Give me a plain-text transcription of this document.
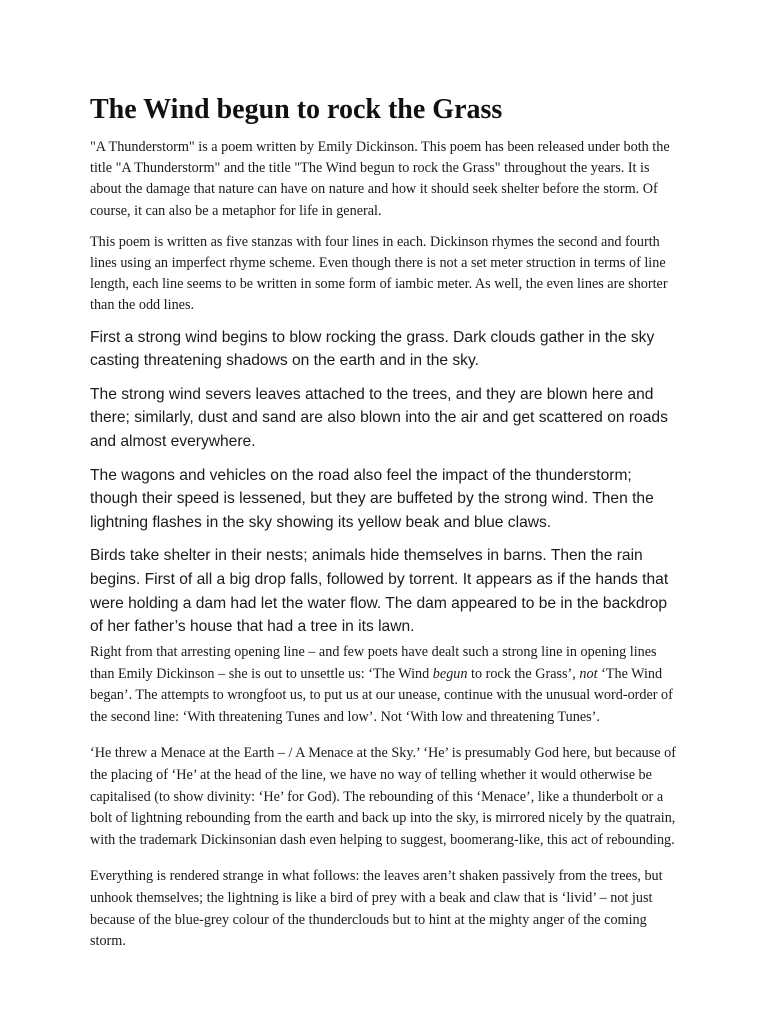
The Wind begun to rock the Grass

"A Thunderstorm" is a poem written by Emily Dickinson. This poem has been released under both the title "A Thunderstorm" and the title "The Wind begun to rock the Grass" throughout the years. It is about the damage that nature can have on nature and how it should seek shelter before the storm. Of course, it can also be a metaphor for life in general.

This poem is written as five stanzas with four lines in each. Dickinson rhymes the second and fourth lines using an imperfect rhyme scheme. Even though there is not a set meter struction in terms of line length, each line seems to be written in some form of iambic meter. As well, the even lines are shorter than the odd lines.

First a strong wind begins to blow rocking the grass. Dark clouds gather in the sky casting threatening shadows on the earth and in the sky.

The strong wind severs leaves attached to the trees, and they are blown here and there; similarly, dust and sand are also blown into the air and get scattered on roads and almost everywhere.

The wagons and vehicles on the road also feel the impact of the thunderstorm; though their speed is lessened, but they are buffeted by the strong wind. Then the lightning flashes in the sky showing its yellow beak and blue claws.

Birds take shelter in their nests; animals hide themselves in barns. Then the rain begins. First of all a big drop falls, followed by torrent. It appears as if the hands that were holding a dam had let the water flow. The dam appeared to be in the backdrop of her father’s house that had a tree in its lawn.

Right from that arresting opening line – and few poets have dealt such a strong line in opening lines than Emily Dickinson – she is out to unsettle us: ‘The Wind begun to rock the Grass’, not ‘The Wind began’. The attempts to wrongfoot us, to put us at our unease, continue with the unusual word-order of the second line: ‘With threatening Tunes and low’. Not ‘With low and threatening Tunes’.

‘He threw a Menace at the Earth – / A Menace at the Sky.’ ‘He’ is presumably God here, but because of the placing of ‘He’ at the head of the line, we have no way of telling whether it would otherwise be capitalised (to show divinity: ‘He’ for God). The rebounding of this ‘Menace’, like a thunderbolt or a bolt of lightning rebounding from the earth and back up into the sky, is mirrored nicely by the quatrain, with the trademark Dickinsonian dash even helping to suggest, boomerang-like, this act of rebounding.

Everything is rendered strange in what follows: the leaves aren’t shaken passively from the trees, but unhook themselves; the lightning is like a bird of prey with a beak and claw that is ‘livid’ – not just because of the blue-grey colour of the thunderclouds but to hint at the mighty anger of the coming storm.
